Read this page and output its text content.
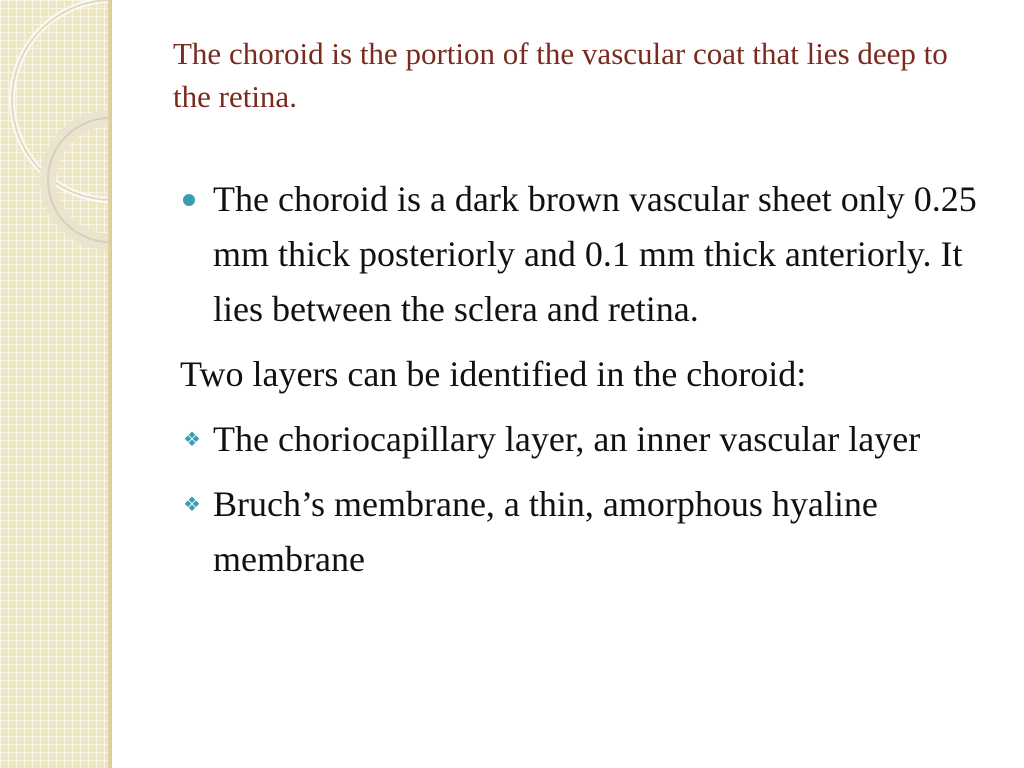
The choroid is the portion of the vascular coat that lies deep to the retina.
The choroid is a dark brown vascular sheet only 0.25 mm thick posteriorly and 0.1 mm thick anteriorly. It lies between the sclera and retina.
Two layers can be identified in the choroid:
❖ The choriocapillary layer, an inner vascular layer
❖ Bruch’s membrane, a thin, amorphous hyaline membrane
